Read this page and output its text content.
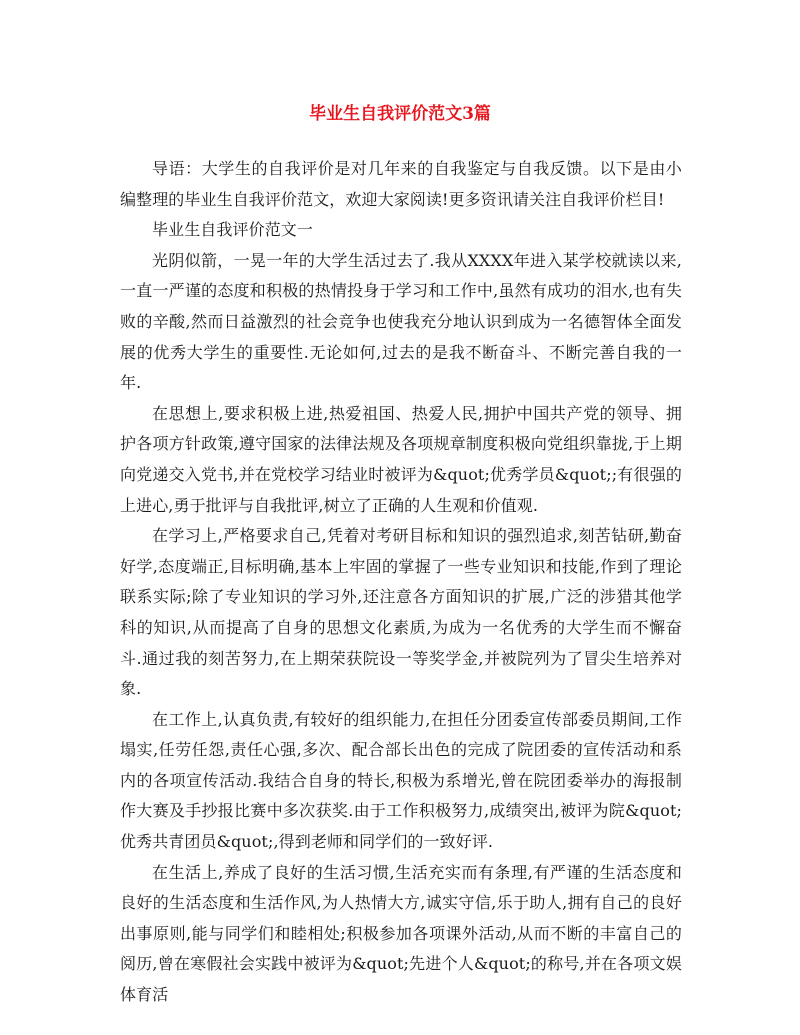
毕业生自我评价范文3篇

导语：大学生的自我评价是对几年来的自我鉴定与自我反馈。以下是由小编整理的毕业生自我评价范文，欢迎大家阅读!更多资讯请关注自我评价栏目!

毕业生自我评价范文一

光阴似箭，一晃一年的大学生活过去了.我从XXXX年进入某学校就读以来,一直一严谨的态度和积极的热情投身于学习和工作中,虽然有成功的泪水,也有失败的辛酸,然而日益激烈的社会竞争也使我充分地认识到成为一名德智体全面发展的优秀大学生的重要性.无论如何,过去的是我不断奋斗、不断完善自我的一年.

在思想上,要求积极上进,热爱祖国、热爱人民,拥护中国共产党的领导、拥护各项方针政策,遵守国家的法律法规及各项规章制度积极向党组织靠拢,于上期向党递交入党书,并在党校学习结业时被评为&quot;优秀学员&quot;;有很强的上进心,勇于批评与自我批评,树立了正确的人生观和价值观.

在学习上,严格要求自己,凭着对考研目标和知识的强烈追求,刻苦钻研,勤奋好学,态度端正,目标明确,基本上牢固的掌握了一些专业知识和技能,作到了理论联系实际;除了专业知识的学习外,还注意各方面知识的扩展,广泛的涉猎其他学科的知识,从而提高了自身的思想文化素质,为成为一名优秀的大学生而不懈奋斗.通过我的刻苦努力,在上期荣获院设一等奖学金,并被院列为了冒尖生培养对象.

在工作上,认真负责,有较好的组织能力,在担任分团委宣传部委员期间,工作塌实,任劳任怨,责任心强,多次、配合部长出色的完成了院团委的宣传活动和系内的各项宣传活动.我结合自身的特长,积极为系增光,曾在院团委举办的海报制作大赛及手抄报比赛中多次获奖.由于工作积极努力,成绩突出,被评为院&quot;优秀共青团员&quot;,得到老师和同学们的一致好评.

在生活上,养成了良好的生活习惯,生活充实而有条理,有严谨的生活态度和良好的生活态度和生活作风,为人热情大方,诚实守信,乐于助人,拥有自己的良好出事原则,能与同学们和睦相处;积极参加各项课外活动,从而不断的丰富自己的阅历,曾在寒假社会实践中被评为&quot;先进个人&quot;的称号,并在各项文娱体育活
